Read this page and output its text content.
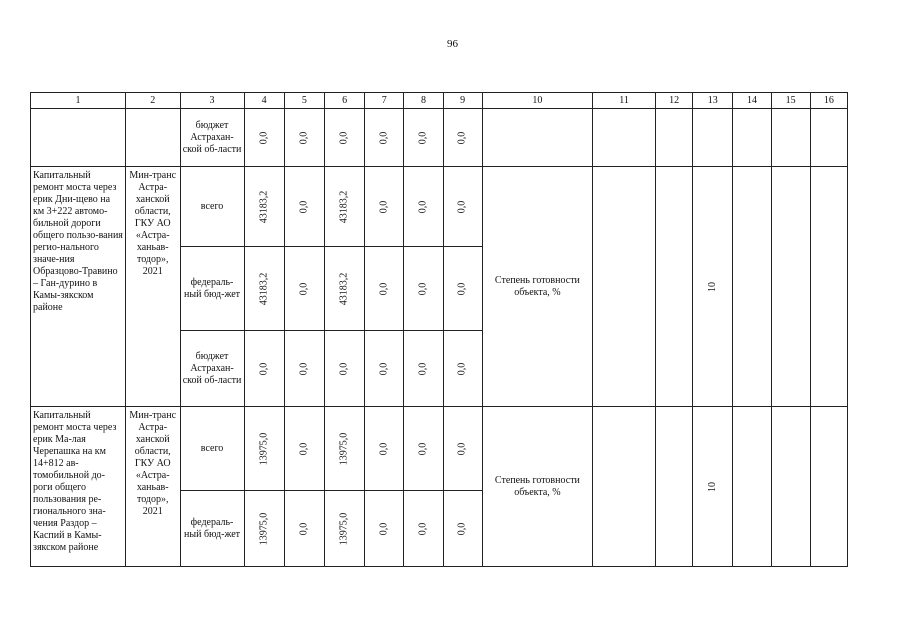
96
1	2	3	4	5	6	7	8	9	10	11	12	13	14	15	16
		бюджет Астрахан-ской об-ласти	0,0	0,0	0,0	0,0	0,0	0,0							
Капитальный ремонт моста через ерик Дни-щево на км 3+222 автомо-бильной дороги общего пользо-вания регио-нального значе-ния Образцово-Травино – Ган-дурино в Камы-зякском районе	Мин-транс Астра-ханской области, ГКУ АО «Астра-ханьав-тодор», 2021	всего	43183,2	0,0	43183,2	0,0	0,0	0,0	Степень готовности объекта, %			10			
		федераль-ный бюд-жет	43183,2	0,0	43183,2	0,0	0,0	0,0							
		бюджет Астрахан-ской об-ласти	0,0	0,0	0,0	0,0	0,0	0,0							
Капитальный ремонт моста через ерик Ма-лая Черепашка на км 14+812 ав-томобильной до-роги общего пользования ре-гионального зна-чения Раздор – Каспий в Камы-зякском районе	Мин-транс Астра-ханской области, ГКУ АО «Астра-ханьав-тодор», 2021	всего	13975,0	0,0	13975,0	0,0	0,0	0,0	Степень готовности объекта, %			10			
		федераль-ный бюд-жет	13975,0	0,0	13975,0	0,0	0,0	0,0							
